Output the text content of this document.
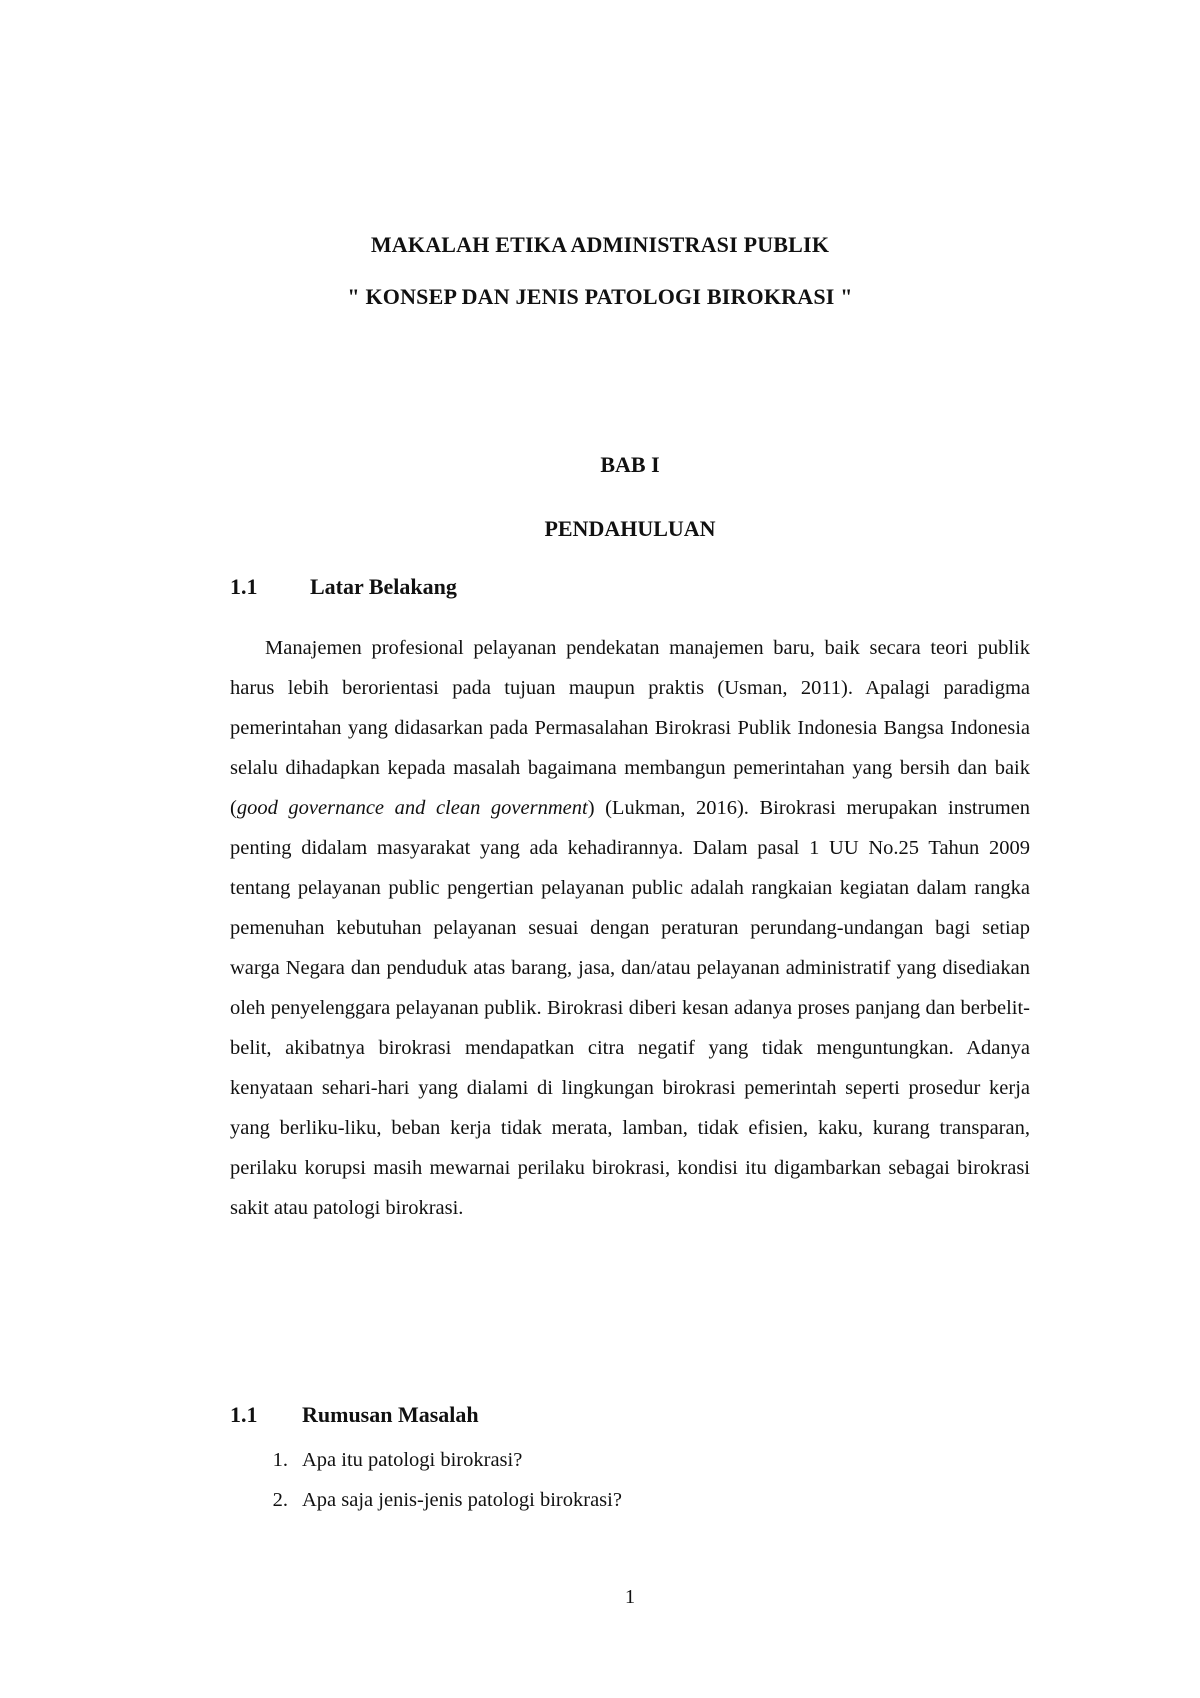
MAKALAH ETIKA ADMINISTRASI PUBLIK
" KONSEP DAN JENIS PATOLOGI BIROKRASI "
BAB I
PENDAHULUAN
1.1 Latar Belakang

Manajemen profesional pelayanan pendekatan manajemen baru, baik secara teori publik harus lebih berorientasi pada tujuan maupun praktis (Usman, 2011). Apalagi paradigma pemerintahan yang didasarkan pada Permasalahan Birokrasi Publik Indonesia Bangsa Indonesia selalu dihadapkan kepada masalah bagaimana membangun pemerintahan yang bersih dan baik (good governance and clean government) (Lukman, 2016). Birokrasi merupakan instrumen penting didalam masyarakat yang ada kehadirannya. Dalam pasal 1 UU No.25 Tahun 2009 tentang pelayanan public pengertian pelayanan public adalah rangkaian kegiatan dalam rangka pemenuhan kebutuhan pelayanan sesuai dengan peraturan perundang-undangan bagi setiap warga Negara dan penduduk atas barang, jasa, dan/atau pelayanan administratif yang disediakan oleh penyelenggara pelayanan publik. Birokrasi diberi kesan adanya proses panjang dan berbelit-belit, akibatnya birokrasi mendapatkan citra negatif yang tidak menguntungkan. Adanya kenyataan sehari-hari yang dialami di lingkungan birokrasi pemerintah seperti prosedur kerja yang berliku-liku, beban kerja tidak merata, lamban, tidak efisien, kaku, kurang transparan, perilaku korupsi masih mewarnai perilaku birokrasi, kondisi itu digambarkan sebagai birokrasi sakit atau patologi birokrasi.

1.1 Rumusan Masalah
1. Apa itu patologi birokrasi?
2. Apa saja jenis-jenis patologi birokrasi?
1
